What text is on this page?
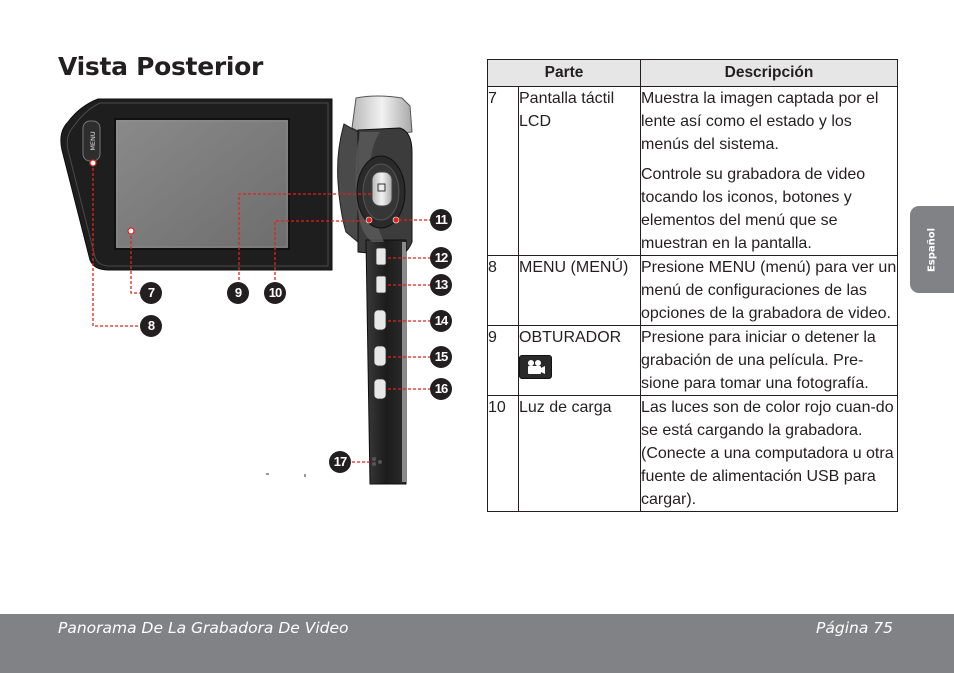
Vista Posterior
MENU
7
8
9	10
11
12
13
14
15
16
17
Parte		Descripción
7	Pantalla táctil LCD	Muestra la imagen captada por el lente así como el estado y los menús del sistema.

Controle su grabadora de video tocando los iconos, botones y elementos del menú que se muestran en la pantalla.

8	MENU (MENÚ)	Presione MENU (menú) para ver un menú de configuraciones de las opciones de la grabadora de video.

9	OBTURADOR	Presione para iniciar o detener la grabación de una película. Pre-sione para tomar una fotografía.

10	Luz de carga	Las luces son de color rojo cuan-do se está cargando la grabadora. (Conecte a una computadora u otra fuente de alimentación USB para cargar).

Español
Panorama De La Grabadora De Video	Página 75
